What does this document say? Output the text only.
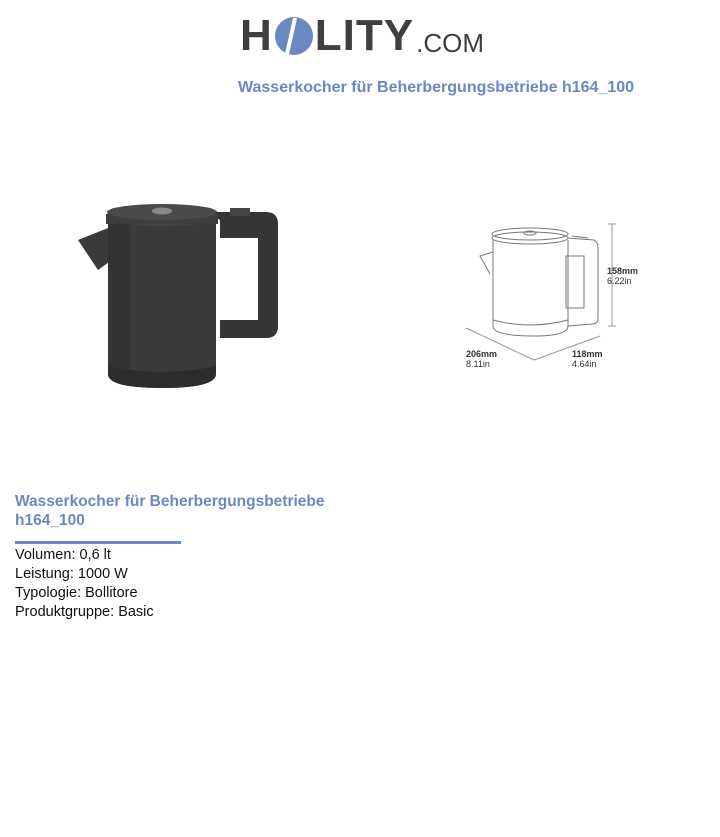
H LITY .COM
Wasserkocher für Beherbergungsbetriebe h164_100
158mm
6.22in
206mm
8.11in
118mm
4.64in
Wasserkocher für Beherbergungsbetriebe
h164_100
Volumen: 0,6 lt
Leistung: 1000 W
Typologie: Bollitore
Produktgruppe: Basic
